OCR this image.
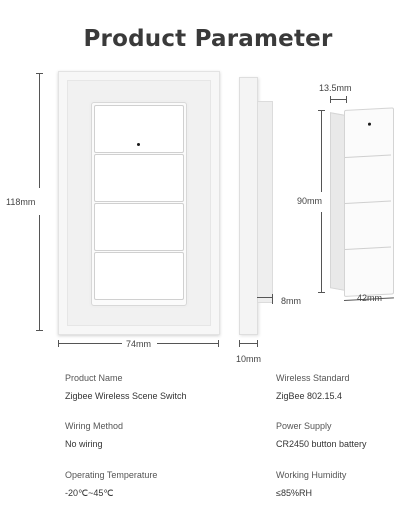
Product Parameter
118mm
74mm
10mm
8mm
13.5mm
90mm
42mm
Product Name
Zigbee Wireless Scene Switch
Wireless Standard
ZigBee 802.15.4
Wiring Method
No wiring
Power Supply
CR2450 button battery
Operating Temperature
-20℃~45℃
Working Humidity
≤85%RH
